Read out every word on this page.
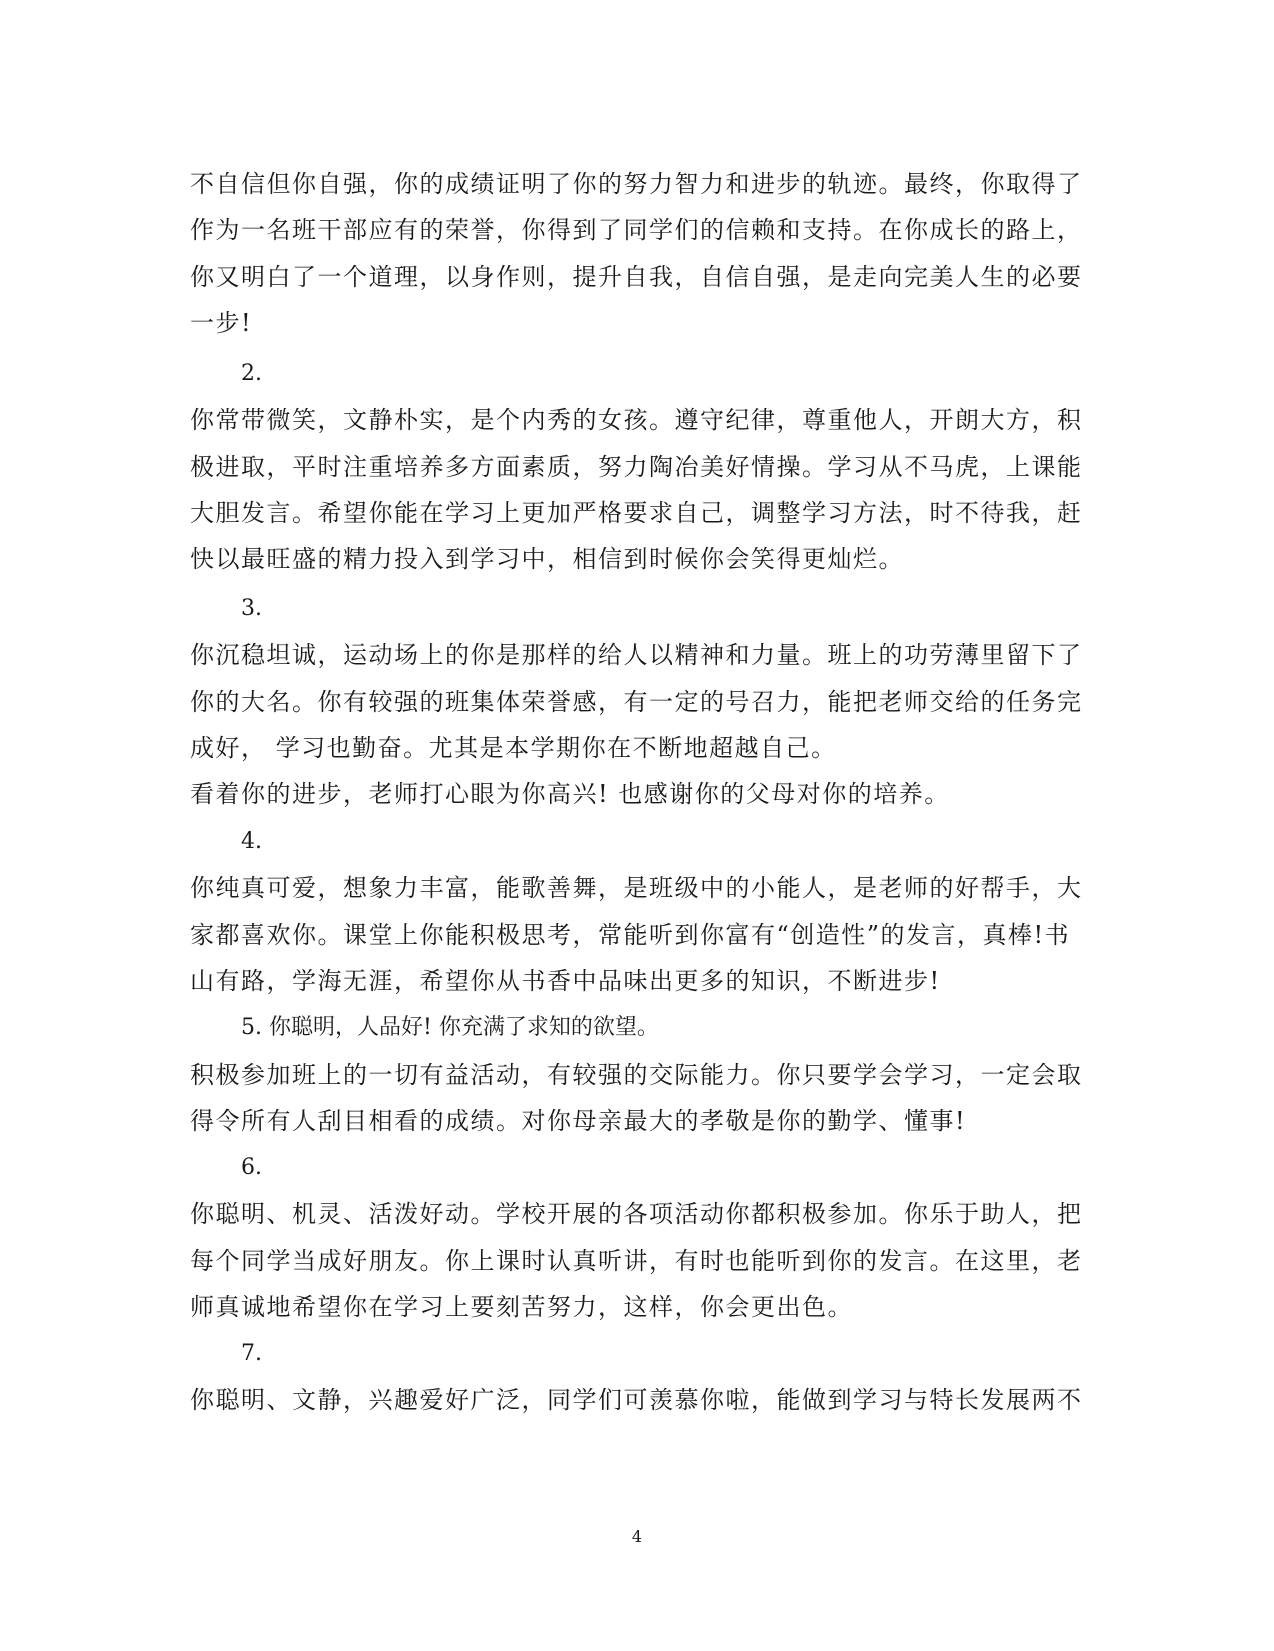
不自信但你自强，你的成绩证明了你的努力智力和进步的轨迹。最终，你取得了
作为一名班干部应有的荣誉，你得到了同学们的信赖和支持。在你成长的路上，
你又明白了一个道理，以身作则，提升自我，自信自强，是走向完美人生的必要
一步!
2.
你常带微笑，文静朴实，是个内秀的女孩。遵守纪律，尊重他人，开朗大方，积
极进取，平时注重培养多方面素质，努力陶冶美好情操。学习从不马虎，上课能
大胆发言。希望你能在学习上更加严格要求自己，调整学习方法，时不待我，赶
快以最旺盛的精力投入到学习中，相信到时候你会笑得更灿烂。
3.
你沉稳坦诚，运动场上的你是那样的给人以精神和力量。班上的功劳薄里留下了
你的大名。你有较强的班集体荣誉感，有一定的号召力，能把老师交给的任务完
成好， 学习也勤奋。尤其是本学期你在不断地超越自己。
看着你的进步，老师打心眼为你高兴! 也感谢你的父母对你的培养。
4.
你纯真可爱，想象力丰富，能歌善舞，是班级中的小能人，是老师的好帮手，大
家都喜欢你。课堂上你能积极思考，常能听到你富有“创造性”的发言，真棒!书
山有路，学海无涯，希望你从书香中品味出更多的知识，不断进步!
5. 你聪明，人品好! 你充满了求知的欲望。
积极参加班上的一切有益活动，有较强的交际能力。你只要学会学习，一定会取
得令所有人刮目相看的成绩。对你母亲最大的孝敬是你的勤学、懂事!
6.
你聪明、机灵、活泼好动。学校开展的各项活动你都积极参加。你乐于助人，把
每个同学当成好朋友。你上课时认真听讲，有时也能听到你的发言。在这里，老
师真诚地希望你在学习上要刻苦努力，这样，你会更出色。
7.
你聪明、文静，兴趣爱好广泛，同学们可羡慕你啦，能做到学习与特长发展两不
4
